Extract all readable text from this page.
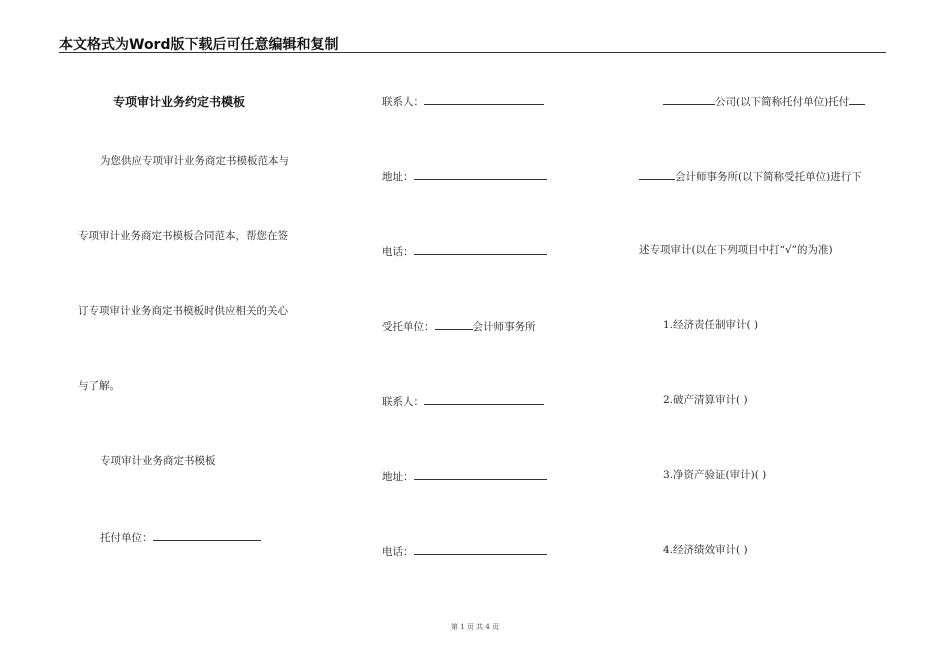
本文格式为Word版下载后可任意编辑和复制
专项审计业务约定书模板
为您供应专项审计业务商定书模板范本与
专项审计业务商定书模板合同范本，帮您在签
订专项审计业务商定书模板时供应相关的关心
与了解。
专项审计业务商定书模板
托付单位：
联系人：
地址：
电话：
受托单位：	会计师事务所
联系人：
地址：
电话：
公司(以下简称托付单位)托付
会计师事务所(以下简称受托单位)进行下
述专项审计(以在下列项目中打“√”的为准)
1.经济责任制审计( )
2.破产清算审计( )
3.净资产验证(审计)( )
4.经济绩效审计( )
第 1 页 共 4 页
